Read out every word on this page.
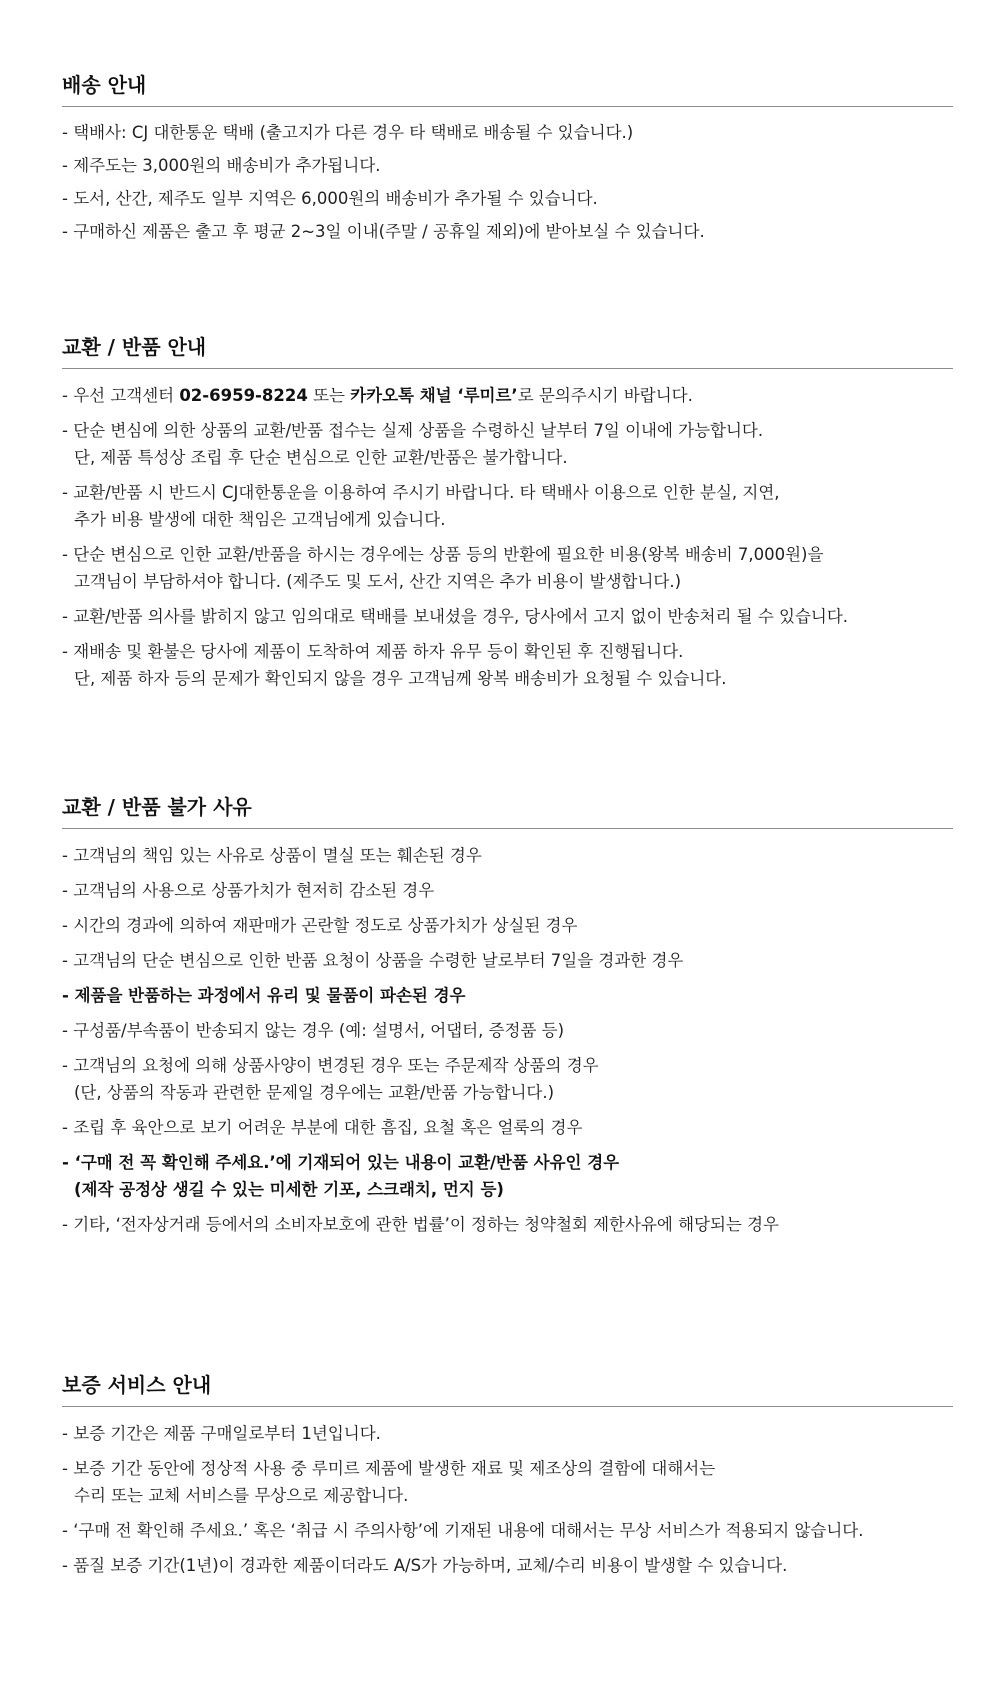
배송 안내
- 택배사: CJ 대한통운 택배 (출고지가 다른 경우 타 택배로 배송될 수 있습니다.)
- 제주도는 3,000원의 배송비가 추가됩니다.
- 도서, 산간, 제주도 일부 지역은 6,000원의 배송비가 추가될 수 있습니다.
- 구매하신 제품은 출고 후 평균 2~3일 이내(주말 / 공휴일 제외)에 받아보실 수 있습니다.
교환 / 반품 안내
- 우선 고객센터 02-6959-8224 또는 카카오톡 채널 ‘루미르’로 문의주시기 바랍니다.
- 단순 변심에 의한 상품의 교환/반품 접수는 실제 상품을 수령하신 날부터 7일 이내에 가능합니다.
단, 제품 특성상 조립 후 단순 변심으로 인한 교환/반품은 불가합니다.
- 교환/반품 시 반드시 CJ대한통운을 이용하여 주시기 바랍니다. 타 택배사 이용으로 인한 분실, 지연,
추가 비용 발생에 대한 책임은 고객님에게 있습니다.
- 단순 변심으로 인한 교환/반품을 하시는 경우에는 상품 등의 반환에 필요한 비용(왕복 배송비 7,000원)을
고객님이 부담하셔야 합니다. (제주도 및 도서, 산간 지역은 추가 비용이 발생합니다.)
- 교환/반품 의사를 밝히지 않고 임의대로 택배를 보내셨을 경우, 당사에서 고지 없이 반송처리 될 수 있습니다.
- 재배송 및 환불은 당사에 제품이 도착하여 제품 하자 유무 등이 확인된 후 진행됩니다.
단, 제품 하자 등의 문제가 확인되지 않을 경우 고객님께 왕복 배송비가 요청될 수 있습니다.
교환 / 반품 불가 사유
- 고객님의 책임 있는 사유로 상품이 멸실 또는 훼손된 경우
- 고객님의 사용으로 상품가치가 현저히 감소된 경우
- 시간의 경과에 의하여 재판매가 곤란할 정도로 상품가치가 상실된 경우
- 고객님의 단순 변심으로 인한 반품 요청이 상품을 수령한 날로부터 7일을 경과한 경우
- 제품을 반품하는 과정에서 유리 및 물품이 파손된 경우
- 구성품/부속품이 반송되지 않는 경우 (예: 설명서, 어댑터, 증정품 등)
- 고객님의 요청에 의해 상품사양이 변경된 경우 또는 주문제작 상품의 경우
(단, 상품의 작동과 관련한 문제일 경우에는 교환/반품 가능합니다.)
- 조립 후 육안으로 보기 어려운 부분에 대한 흠집, 요철 혹은 얼룩의 경우
- ‘구매 전 꼭 확인해 주세요.’에 기재되어 있는 내용이 교환/반품 사유인 경우
(제작 공정상 생길 수 있는 미세한 기포, 스크래치, 먼지 등)
- 기타, ‘전자상거래 등에서의 소비자보호에 관한 법률’이 정하는 청약철회 제한사유에 해당되는 경우
보증 서비스 안내
- 보증 기간은 제품 구매일로부터 1년입니다.
- 보증 기간 동안에 정상적 사용 중 루미르 제품에 발생한 재료 및 제조상의 결함에 대해서는
수리 또는 교체 서비스를 무상으로 제공합니다.
- ‘구매 전 확인해 주세요.’ 혹은 ‘취급 시 주의사항’에 기재된 내용에 대해서는 무상 서비스가 적용되지 않습니다.
- 품질 보증 기간(1년)이 경과한 제품이더라도 A/S가 가능하며, 교체/수리 비용이 발생할 수 있습니다.
